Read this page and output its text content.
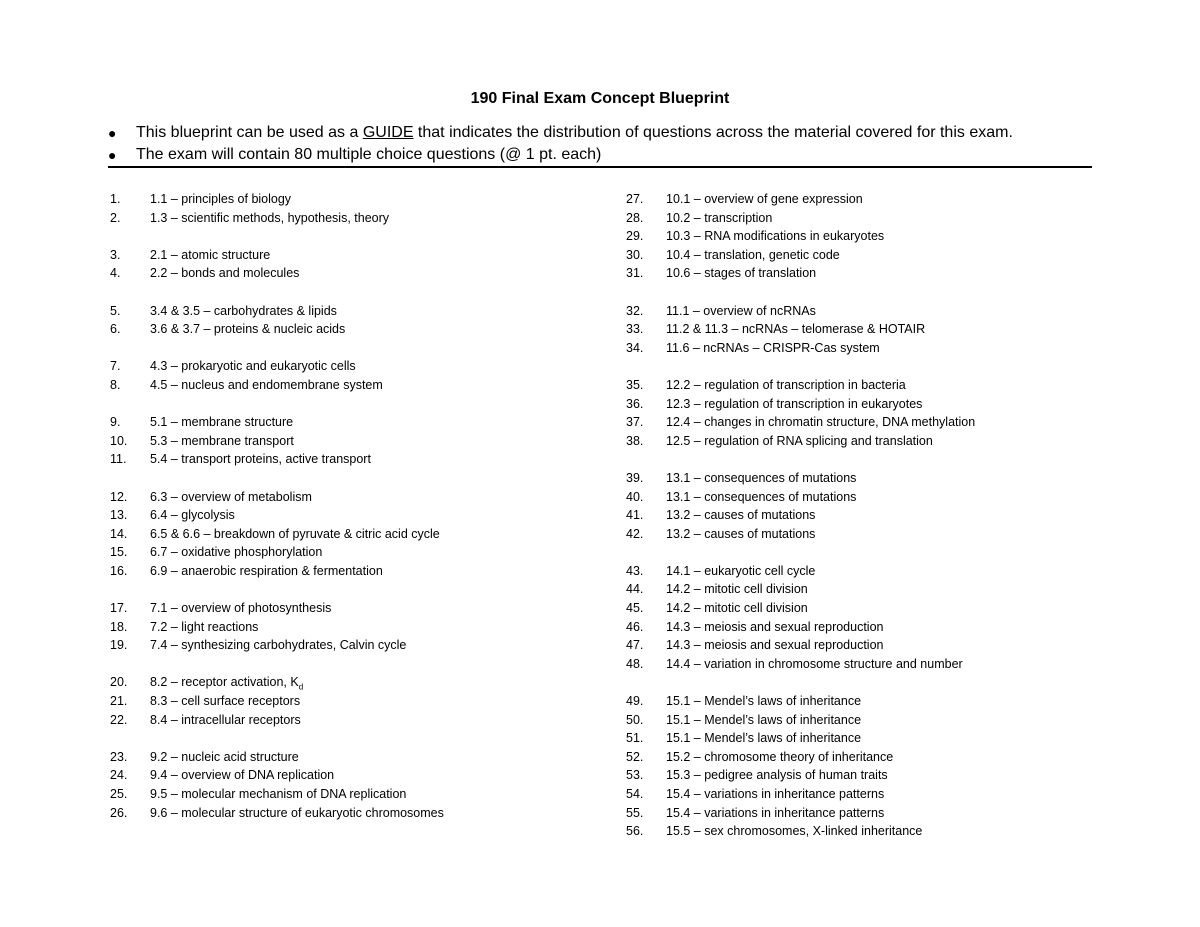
190 Final Exam Concept Blueprint
● This blueprint can be used as a GUIDE that indicates the distribution of questions across the material covered for this exam.
● The exam will contain 80 multiple choice questions (@ 1 pt. each)
1. 1.1 – principles of biology
2. 1.3 – scientific methods, hypothesis, theory
3. 2.1 – atomic structure
4. 2.2 – bonds and molecules
5. 3.4 & 3.5 – carbohydrates & lipids
6. 3.6 & 3.7 – proteins & nucleic acids
7. 4.3 – prokaryotic and eukaryotic cells
8. 4.5 – nucleus and endomembrane system
9. 5.1 – membrane structure
10. 5.3 – membrane transport
11. 5.4 – transport proteins, active transport
12. 6.3 – overview of metabolism
13. 6.4 – glycolysis
14. 6.5 & 6.6 – breakdown of pyruvate & citric acid cycle
15. 6.7 – oxidative phosphorylation
16. 6.9 – anaerobic respiration & fermentation
17. 7.1 – overview of photosynthesis
18. 7.2 – light reactions
19. 7.4 – synthesizing carbohydrates, Calvin cycle
20. 8.2 – receptor activation, $K_d$
21. 8.3 – cell surface receptors
22. 8.4 – intracellular receptors
23. 9.2 – nucleic acid structure
24. 9.4 – overview of DNA replication
25. 9.5 – molecular mechanism of DNA replication
26. 9.6 – molecular structure of eukaryotic chromosomes
27. 10.1 – overview of gene expression
28. 10.2 – transcription
29. 10.3 – RNA modifications in eukaryotes
30. 10.4 – translation, genetic code
31. 10.6 – stages of translation
32. 11.1 – overview of ncRNAs
33. 11.2 & 11.3 – ncRNAs – telomerase & HOTAIR
34. 11.6 – ncRNAs – CRISPR-Cas system
35. 12.2 – regulation of transcription in bacteria
36. 12.3 – regulation of transcription in eukaryotes
37. 12.4 – changes in chromatin structure, DNA methylation
38. 12.5 – regulation of RNA splicing and translation
39. 13.1 – consequences of mutations
40. 13.1 – consequences of mutations
41. 13.2 – causes of mutations
42. 13.2 – causes of mutations
43. 14.1 – eukaryotic cell cycle
44. 14.2 – mitotic cell division
45. 14.2 – mitotic cell division
46. 14.3 – meiosis and sexual reproduction
47. 14.3 – meiosis and sexual reproduction
48. 14.4 – variation in chromosome structure and number
49. 15.1 – Mendel’s laws of inheritance
50. 15.1 – Mendel’s laws of inheritance
51. 15.1 – Mendel’s laws of inheritance
52. 15.2 – chromosome theory of inheritance
53. 15.3 – pedigree analysis of human traits
54. 15.4 – variations in inheritance patterns
55. 15.4 – variations in inheritance patterns
56. 15.5 – sex chromosomes, X-linked inheritance
